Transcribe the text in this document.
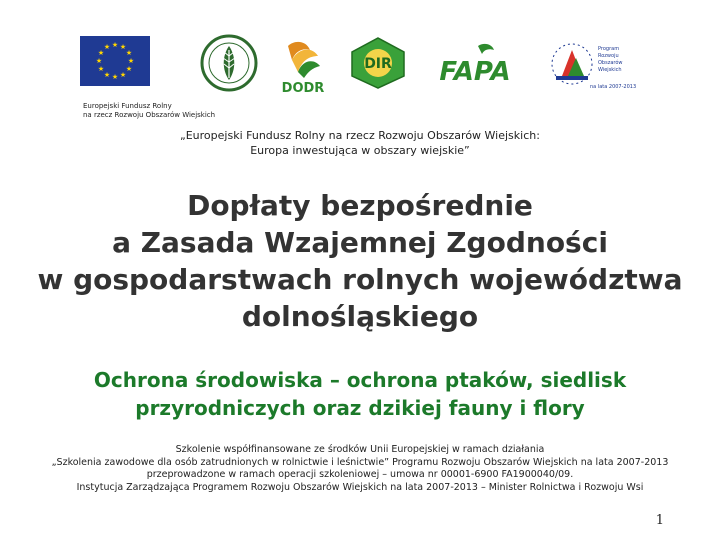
★ ★
★
★
★
★
★
★
★
★
★
★
DODR
DIR FAPA
Program
Rozwoju
Obszarów
Wiejskich
na lata 2007-2013
Europejski Fundusz Rolny
na rzecz Rozwoju Obszarów Wiejskich
„Europejski Fundusz Rolny na rzecz Rozwoju Obszarów Wiejskich:
Europa inwestująca w obszary wiejskie”
Dopłaty bezpośrednie
a Zasada Wzajemnej Zgodności
w gospodarstwach rolnych województwa
dolnośląskiego
Ochrona środowiska – ochrona ptaków, siedlisk
przyrodniczych oraz dzikiej fauny i flory
Szkolenie współfinansowane ze środków Unii Europejskiej w ramach działania
„Szkolenia zawodowe dla osób zatrudnionych w rolnictwie i leśnictwie” Programu Rozwoju Obszarów Wiejskich na lata 2007-2013
przeprowadzone w ramach operacji szkoleniowej – umowa nr 00001-6900 FA1900040/09.
Instytucja Zarządzająca Programem Rozwoju Obszarów Wiejskich na lata 2007-2013 – Minister Rolnictwa i Rozwoju Wsi
1
